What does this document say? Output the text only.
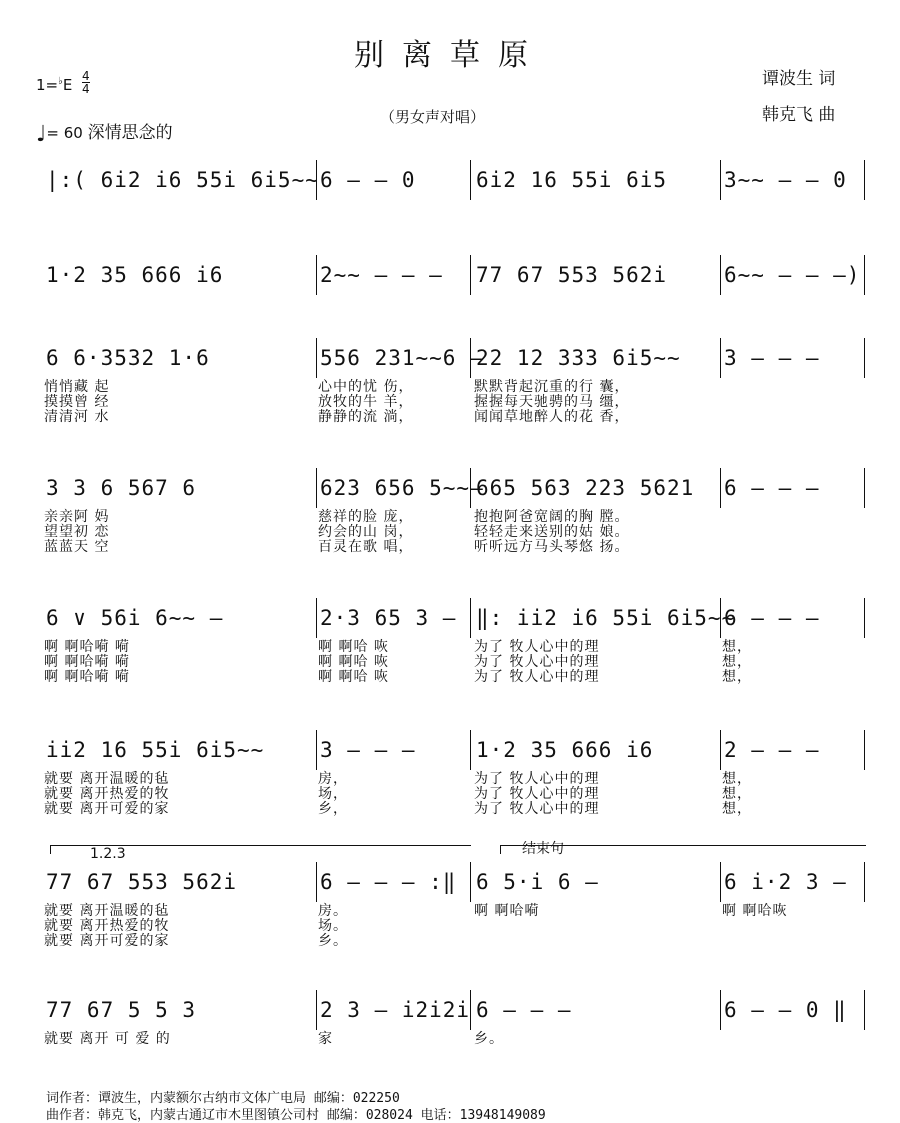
别离草原
谭波生 词
韩克飞 曲
1=♭E 4
4
♩= 60 深情思念的
（男女声对唱）
|:( 6i2 i6 55i 6i5~~ 6 — — 0	6i2 16 55i 6i5	3~~ — — 0
1·2 35 666 i6	2~~ — — — 77 67 553 562i	6~~ — — —)
6 6·3532 1·6
悄悄藏 起
摸摸曾 经
清清河 水
556 231~~6 —
心中的忧 伤，
放牧的牛 羊，
静静的流 淌，
22 12 333 6i5~~
默默背起沉重的行 囊，
握握每天驰骋的马 缰，
闻闻草地醉人的花 香，
3 — — —
3 3 6 567 6
亲亲阿 妈
望望初 恋
蓝蓝天 空
623 656 5~~—
慈祥的脸 庞，
约会的山 岗，
百灵在歌 唱，
665 563 223 5621
抱抱阿爸宽阔的胸 膛。
轻轻走来送别的姑 娘。
听听远方马头琴悠 扬。
6 — — —
6 ∨ 56i 6~~ —
啊 啊哈嗬 嗬
啊 啊哈嗬 嗬
啊 啊哈嗬 嗬
2·3 65 3 —
啊 啊哈 咴
啊 啊哈 咴
啊 啊哈 咴
‖: ii2 i6 55i 6i5~~
为了 牧人心中的理
为了 牧人心中的理
为了 牧人心中的理
6 — — —
想，
想，
想，
ii2 16 55i 6i5~~
就要 离开温暖的毡
就要 离开热爱的牧
就要 离开可爱的家
3 — — —
房，
场，
乡，
1·2 35 666 i6
为了 牧人心中的理
为了 牧人心中的理
为了 牧人心中的理
2 — — —
想，
想，
想，
77 67 553 562i
就要 离开温暖的毡
就要 离开热爱的牧
就要 离开可爱的家
6 — — — :‖
房。
场。
乡。
6 5·i 6 —
啊 啊哈嗬
6 i·2 3 —
啊 啊哈咴
77 67 5 5 3
就要 离开 可 爱 的
2 3 — i2i2i
家
6 — — —
乡。
6 — — 0 ‖
1.2.3	结束句
词作者：谭波生，内蒙额尔古纳市文体广电局 邮编：022250
曲作者：韩克飞，内蒙古通辽市木里图镇公司村 邮编：028024 电话：13948149089
